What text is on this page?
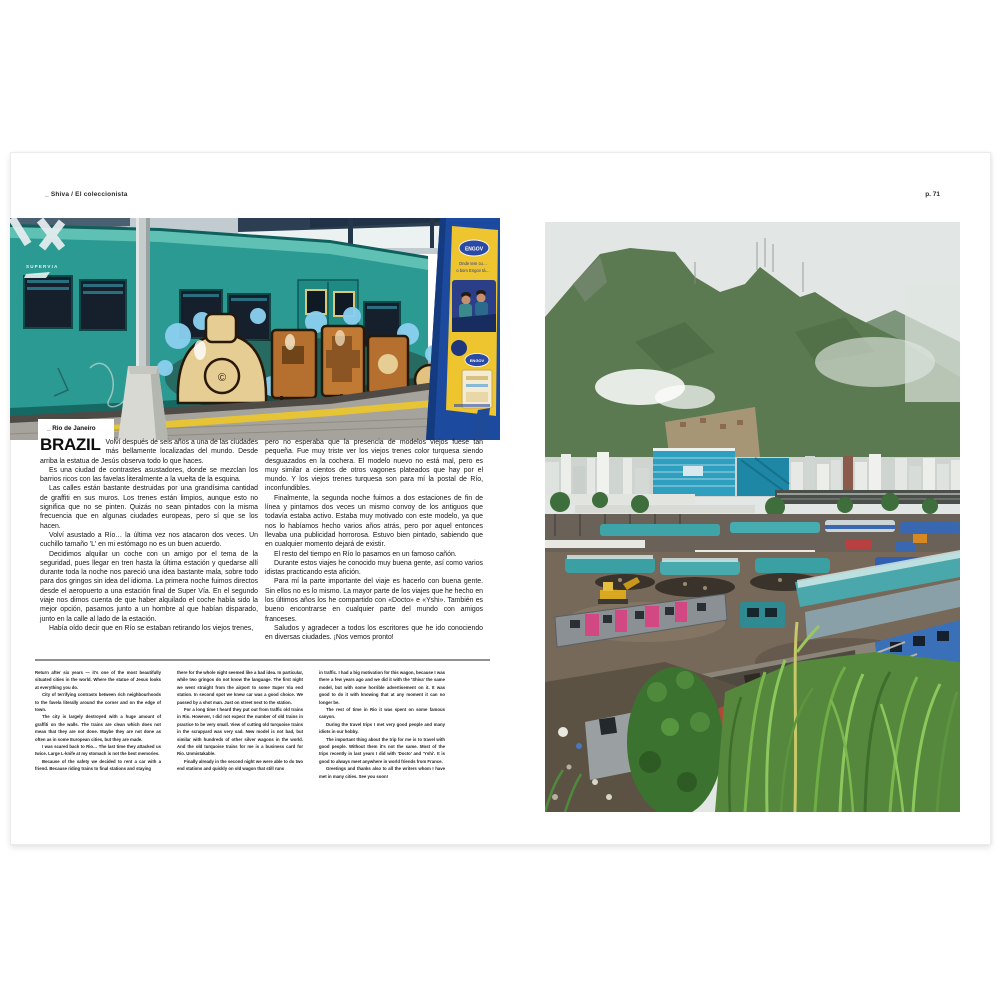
_ Shiva / El coleccionista	p. 71
SUPERVIA
©
ENGOV
Onde tem cu…
o bom Engov tá…
ENGOV
_ Rio de Janeiro
BRAZIL Volví después de seis años a una de las ciudades más bellamente localizadas del mundo. Desde arriba la estatua de Jesús observa todo lo que haces.

Es una ciudad de contrastes asustadores, donde se mezclan los barrios ricos con las favelas literalmente a la vuelta de la esquina.

Las calles están bastante destruidas por una grandísima cantidad de graffiti en sus muros. Los trenes están limpios, aunque esto no significa que no se pinten. Quizás no sean pintados con la misma frecuencia que en algunas ciudades europeas, pero sí que se los hacen.

Volví asustado a Río… la última vez nos atacaron dos veces. Un cuchillo tamaño 'L' en mi estómago no es un buen acuerdo.

Decidimos alquilar un coche con un amigo por el tema de la seguridad, pues llegar en tren hasta la última estación y quedarse allí durante toda la noche nos pareció una idea bastante mala, sobre todo para dos gringos sin idea del idioma. La primera noche fuimos directos desde el aeropuerto a una estación final de Super Vía. En el segundo viaje nos dimos cuenta de que haber alquilado el coche había sido la mejor opción, pasamos junto a un hombre al que habían disparado, junto en la calle al lado de la estación.

Había oído decir que en Río se estaban retirando los viejos trenes,

pero no esperaba que la presencia de modelos viejos fuese tan pequeña. Fue muy triste ver los viejos trenes color turquesa siendo desguazados en la cochera. El modelo nuevo no está mal, pero es muy similar a cientos de otros vagones plateados que hay por el mundo. Y los viejos trenes turquesa son para mí la postal de Río, inconfundibles.

Finalmente, la segunda noche fuimos a dos estaciones de fin de línea y pintamos dos veces un mismo convoy de los antiguos que todavía estaba activo. Estaba muy motivado con este modelo, ya que nos lo habíamos hecho varios años atrás, pero por aquel entonces llevaba una publicidad horrorosa. Estuvo bien pintado, sabiendo que en cualquier momento dejará de existir.

El resto del tiempo en Río lo pasamos en un famoso cañón.

Durante estos viajes he conocido muy buena gente, así como varios idistas practicando esta afición.

Para mí la parte importante del viaje es hacerlo con buena gente. Sin ellos no es lo mismo. La mayor parte de los viajes que he hecho en los últimos años los he compartido con «Docto» e «Yshi». También es bueno encontrarse en cualquier parte del mundo con amigos franceses.

Saludos y agradecer a todos los escritores que he ido conociendo en diversas ciudades. ¡Nos vemos pronto!

Return after six years — it's one of the most beautifully situated cities in the world. Where the statue of Jesus looks at everything you do.

City of terrifying contrasts between rich neighbourhoods to the favela literally around the corner and on the edge of town.

The city is largely destroyed with a huge amount of graffiti on the walls. The trains are clean which does not mean that they are not done. Maybe they are not done as often as in some European cities, but they are made.

I was scared back to Rio… The last time they attacked us twice. Large L-knife at my stomach is not the best memories.

Because of the safety we decided to rent a car with a friend. Because riding trains to final stations and staying

there for the whole night seemed like a bad idea. In particular, while two gringos do not know the language. The first night we went straight from the airport to some Super Via end station. In second spot we knew car was a good choice. We passed by a shot man. Just on street next to the station.

For a long time I heard they put out from traffic old trains in Rio. However, I did not expect the number of old trains in practice to be very small. View of cutting old turquoise trains in the scrapyard was very sad. New model is not bad, but similar with hundreds of other silver wagons in the world. And the old turquoise trains for me is a business card for Rio. Unmistakable.

Finally already in the second night we were able to do two end stations and quickly on old wagon that still runs

in traffic. I had a big motivation for this wagon, because I was there a few years ago and we did it with the 'Shiva' the same model, but with some horrible advertisement on it. It was good to do it with knowing that at any moment it can no longer be.

The rest of time in Rio it was spent on some famous canyon.

During the travel trips I met very good people and many idiots in our hobby.

The important thing about the trip for me is to travel with good people. Without them it's not the same. Most of the trips recently in last years I did with 'Docto' and 'Yshi'. It is good to always meet anywhere in world friends from France.

Greetings and thanks also to all the writers whom I have met in many cities. See you soon!
